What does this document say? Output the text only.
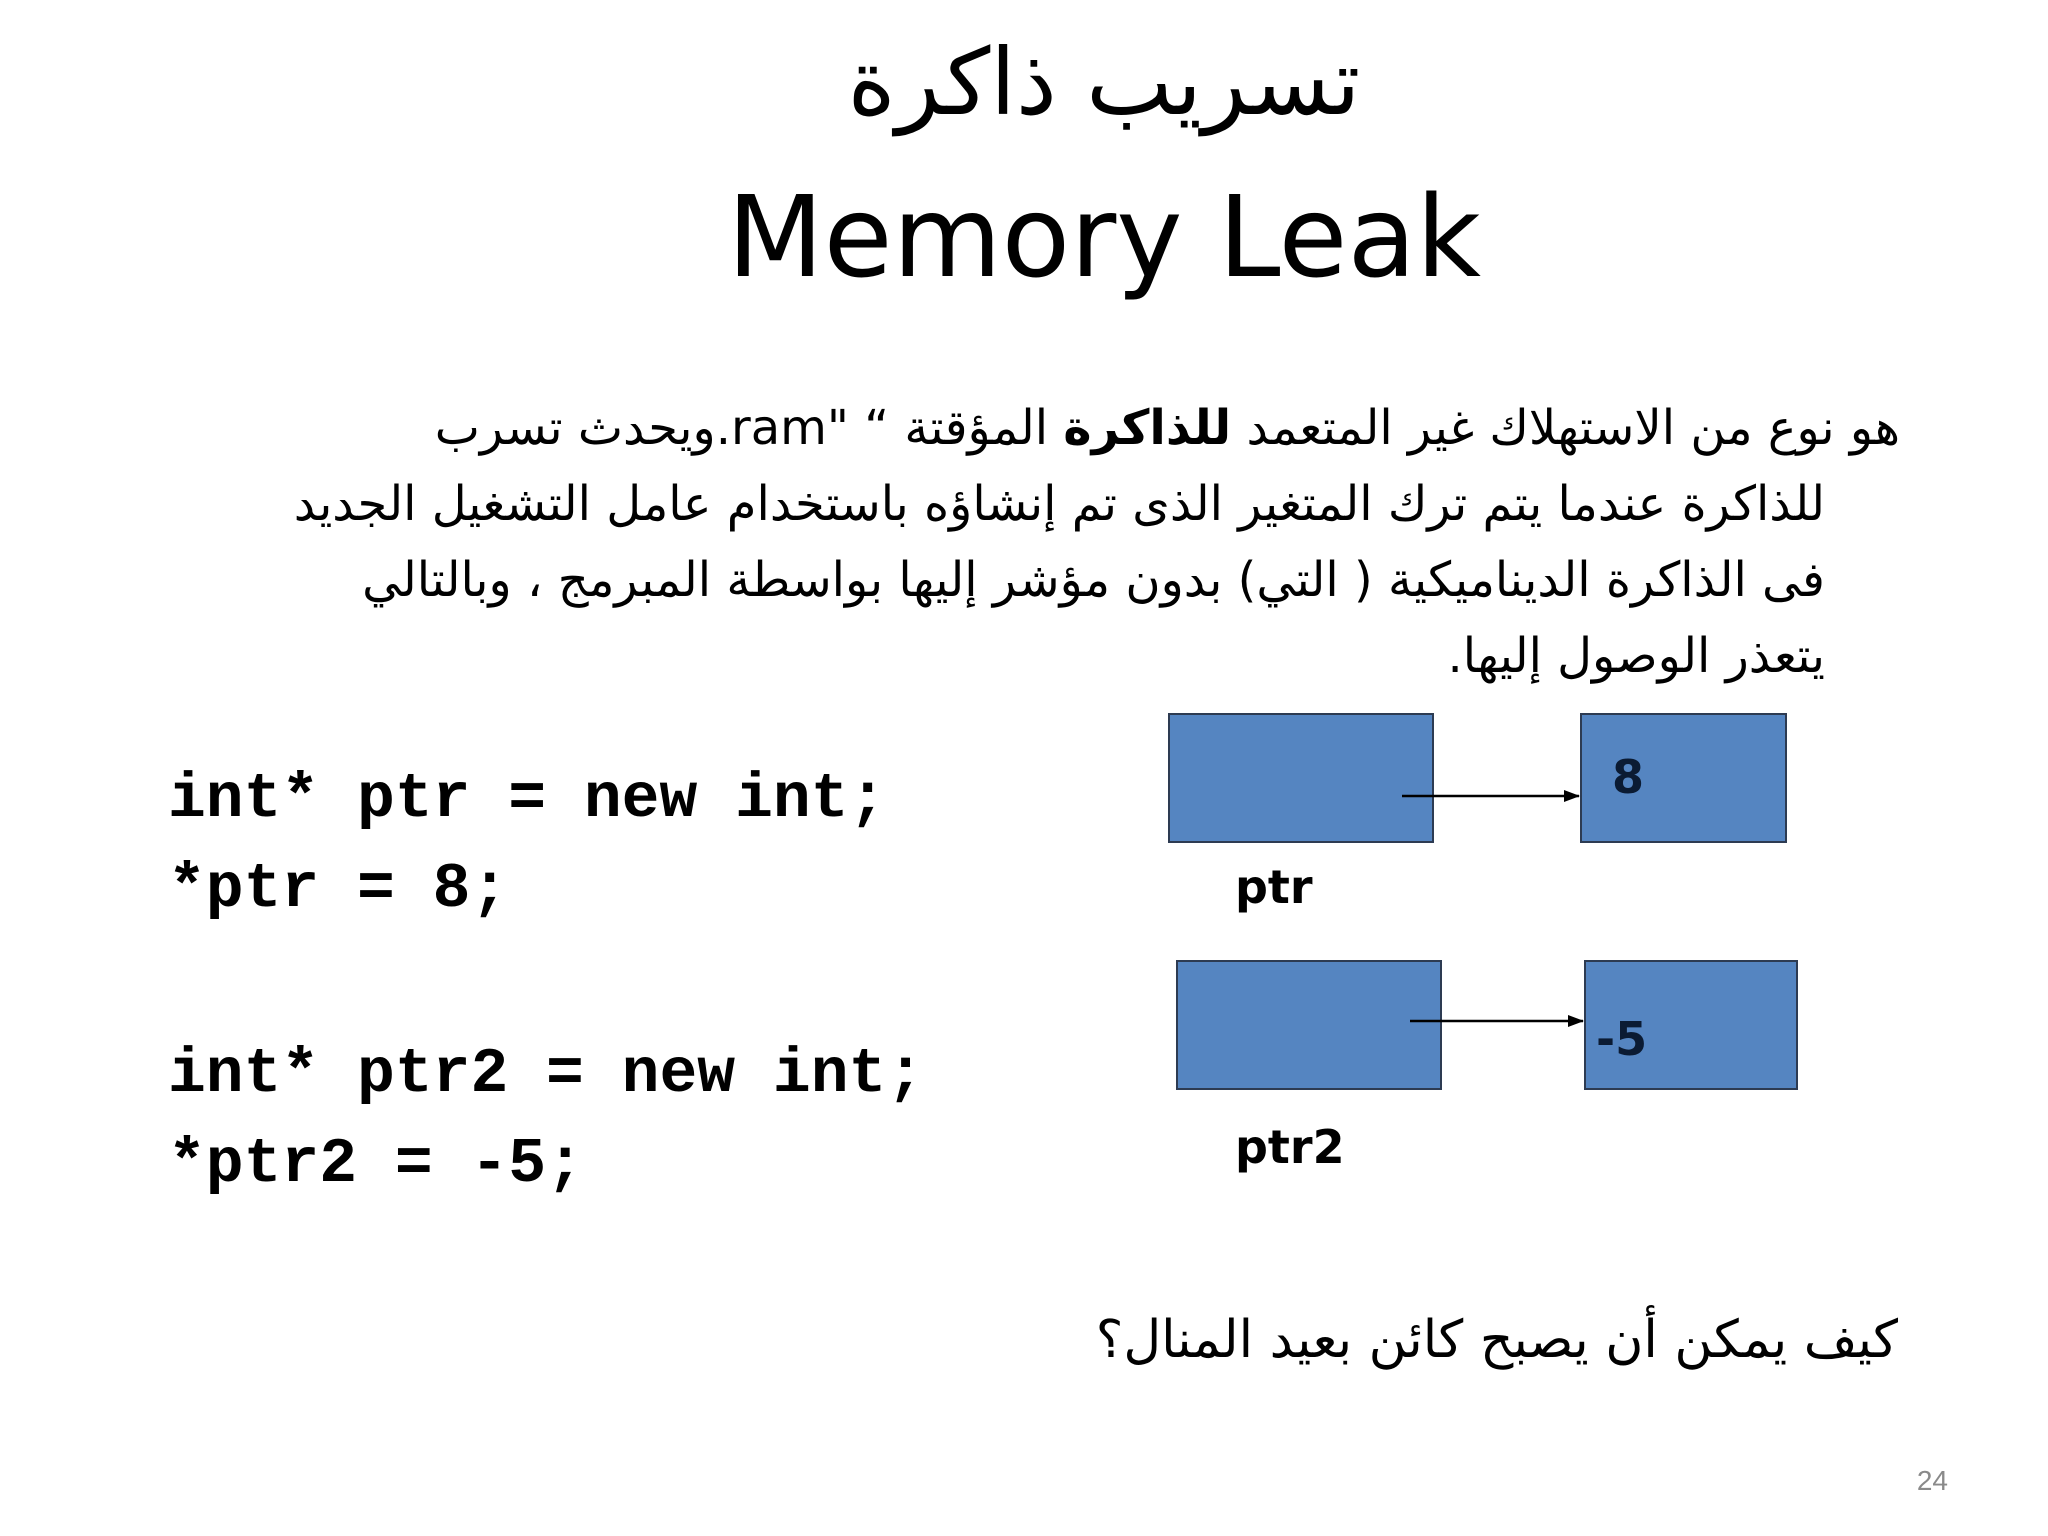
تسريب ذاكرة
Memory Leak
هو نوع من الاستهلاك غير المتعمد للذاكرة المؤقتة “ "ram.ويحدث تسرب
للذاكرة عندما يتم ترك المتغير الذى تم إنشاؤه باستخدام عامل التشغيل الجديد
فى الذاكرة الديناميكية ( التي) بدون مؤشر إليها بواسطة المبرمج ، وبالتالي
يتعذر الوصول إليها.
int* ptr = new int;
*ptr = 8;
int* ptr2 = new int;
*ptr2 = -5;
8
ptr
-5
ptr2
كيف يمكن أن يصبح كائن بعيد المنال؟
24
